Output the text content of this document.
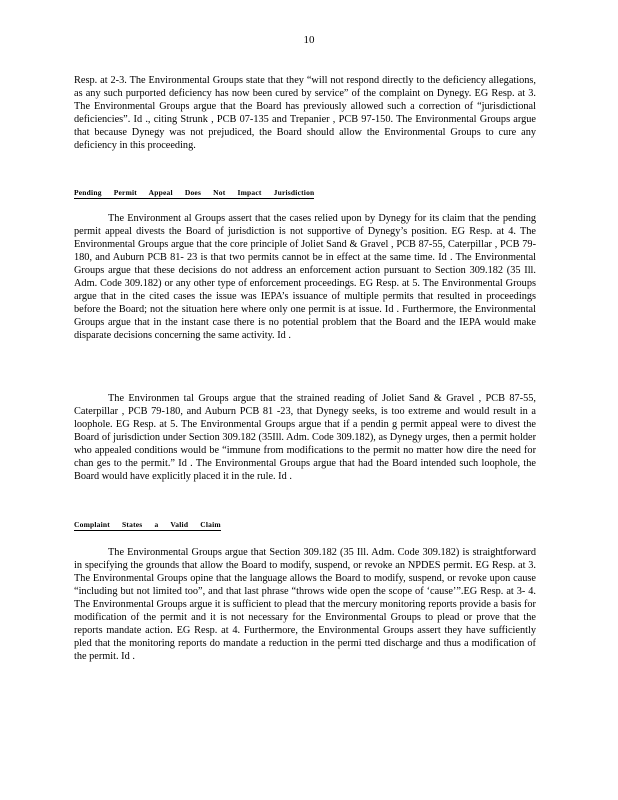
10

Resp. at 2-3. The Environmental Groups state that they “will not respond directly to the deficiency allegations, as any such purported deficiency has now been cured by service” of the complaint on Dynegy. EG Resp. at 3. The Environmental Groups argue that the Board has previously allowed such a correction of “jurisdictional deficiencies”. Id ., citing Strunk , PCB 07-135 and Trepanier , PCB 97-150. The Environmental Groups argue that because Dynegy was not prejudiced, the Board should allow the Environmental Groups to cure any deficiency in this proceeding.

Pending Permit Appeal Does Not Impact Jurisdiction

The Environment al Groups assert that the cases relied upon by Dynegy for its claim that the pending permit appeal divests the Board of jurisdiction is not supportive of Dynegy’s position. EG Resp. at 4. The Environmental Groups argue that the core principle of Joliet Sand & Gravel , PCB 87-55, Caterpillar , PCB 79-180, and Auburn PCB 81- 23 is that two permits cannot be in effect at the same time. Id . The Environmental Groups argue that these decisions do not address an enforcement action pursuant to Section 309.182 (35 Ill. Adm. Code 309.182) or any other type of enforcement proceedings. EG Resp. at 5. The Environmental Groups argue that in the cited cases the issue was IEPA’s issuance of multiple permits that resulted in proceedings before the Board; not the situation here where only one permit is at issue. Id . Furthermore, the Environmental Groups argue that in the instant case there is no potential problem that the Board and the IEPA would make disparate decisions concerning the same activity. Id .

The Environmen tal Groups argue that the strained reading of Joliet Sand & Gravel , PCB 87-55, Caterpillar , PCB 79-180, and Auburn PCB 81 -23, that Dynegy seeks, is too extreme and would result in a loophole. EG Resp. at 5. The Environmental Groups argue that if a pendin g permit appeal were to divest the Board of jurisdiction under Section 309.182 (35Ill. Adm. Code 309.182), as Dynegy urges, then a permit holder who appealed conditions would be “immune from modifications to the permit no matter how dire the need for chan ges to the permit.” Id . The Environmental Groups argue that had the Board intended such loophole, the Board would have explicitly placed it in the rule. Id .

Complaint States a Valid Claim

The Environmental Groups argue that Section 309.182 (35 Ill. Adm. Code 309.182) is straightforward in specifying the grounds that allow the Board to modify, suspend, or revoke an NPDES permit. EG Resp. at 3. The Environmental Groups opine that the language allows the Board to modify, suspend, or revoke upon cause “including but not limited too”, and that last phrase “throws wide open the scope of ‘cause’”.EG Resp. at 3- 4. The Environmental Groups argue it is sufficient to plead that the mercury monitoring reports provide a basis for modification of the permit and it is not necessary for the Environmental Groups to plead or prove that the reports mandate action. EG Resp. at 4. Furthermore, the Environmental Groups assert they have sufficiently pled that the monitoring reports do mandate a reduction in the permi tted discharge and thus a modification of the permit. Id .
